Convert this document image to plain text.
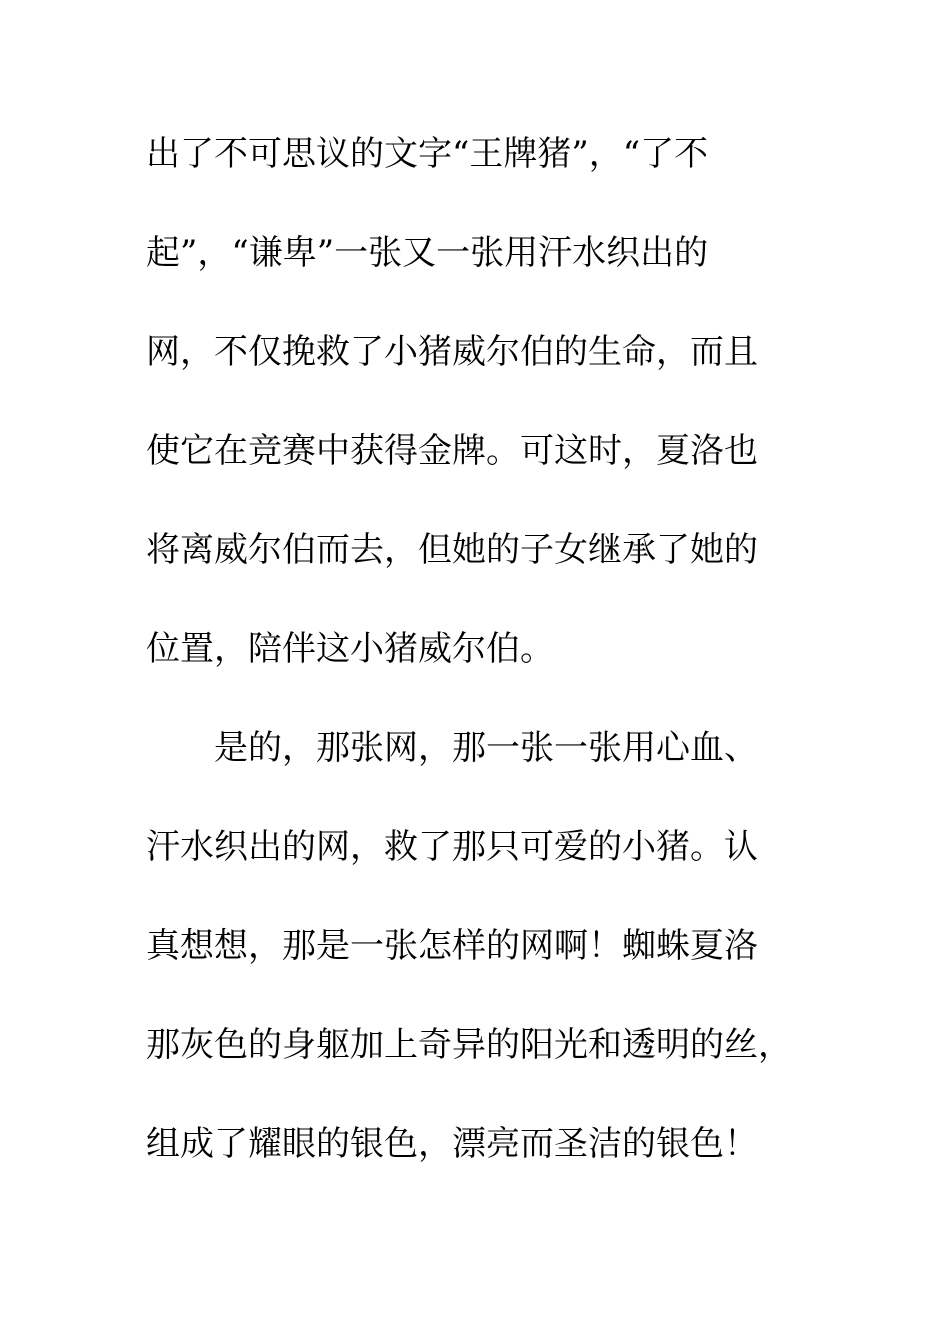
出了不可思议的文字“王牌猪”，“了不
起”，“谦卑”一张又一张用汗水织出的
网，不仅挽救了小猪威尔伯的生命，而且
使它在竞赛中获得金牌。可这时，夏洛也
将离威尔伯而去，但她的子女继承了她的
位置，陪伴这小猪威尔伯。
是的，那张网，那一张一张用心血、
汗水织出的网，救了那只可爱的小猪。认
真想想，那是一张怎样的网啊！蜘蛛夏洛
那灰色的身躯加上奇异的阳光和透明的丝，
组成了耀眼的银色，漂亮而圣洁的银色！
